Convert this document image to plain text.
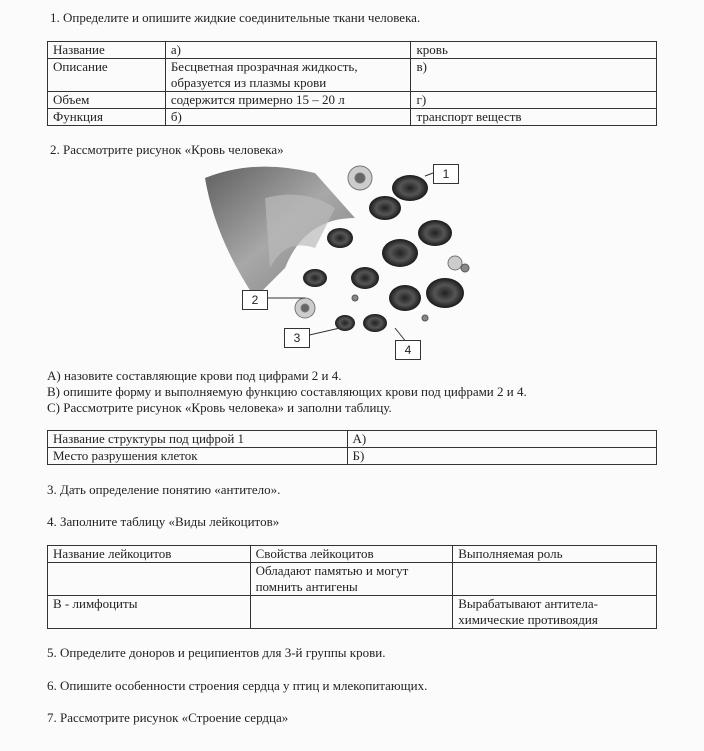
1. Определите и опишите жидкие соединительные ткани человека.
Название	а)	кровь
Описание	Бесцветная прозрачная жидкость, образуется из плазмы крови	в)
Объем	содержится примерно 15 – 20 л	г)
Функция	б)	транспорт веществ
2. Рассмотрите рисунок «Кровь человека»
1
2
3
4
А) назовите составляющие крови под цифрами 2 и 4.
В) опишите форму и выполняемую функцию составляющих крови под цифрами 2 и 4.
С) Рассмотрите рисунок «Кровь человека» и заполни таблицу.
Название структуры под цифрой 1	А)
Место разрушения клеток	Б)
3. Дать определение понятию «антитело».
4. Заполните таблицу «Виды лейкоцитов»
Название лейкоцитов	Свойства лейкоцитов	Выполняемая роль
	Обладают памятью и могут помнить антигены	
В - лимфоциты		Вырабатывают антитела-химические противоядия
5. Определите доноров и реципиентов для 3-й группы крови.
6. Опишите особенности строения сердца у птиц и млекопитающих.
7. Рассмотрите рисунок «Строение сердца»
